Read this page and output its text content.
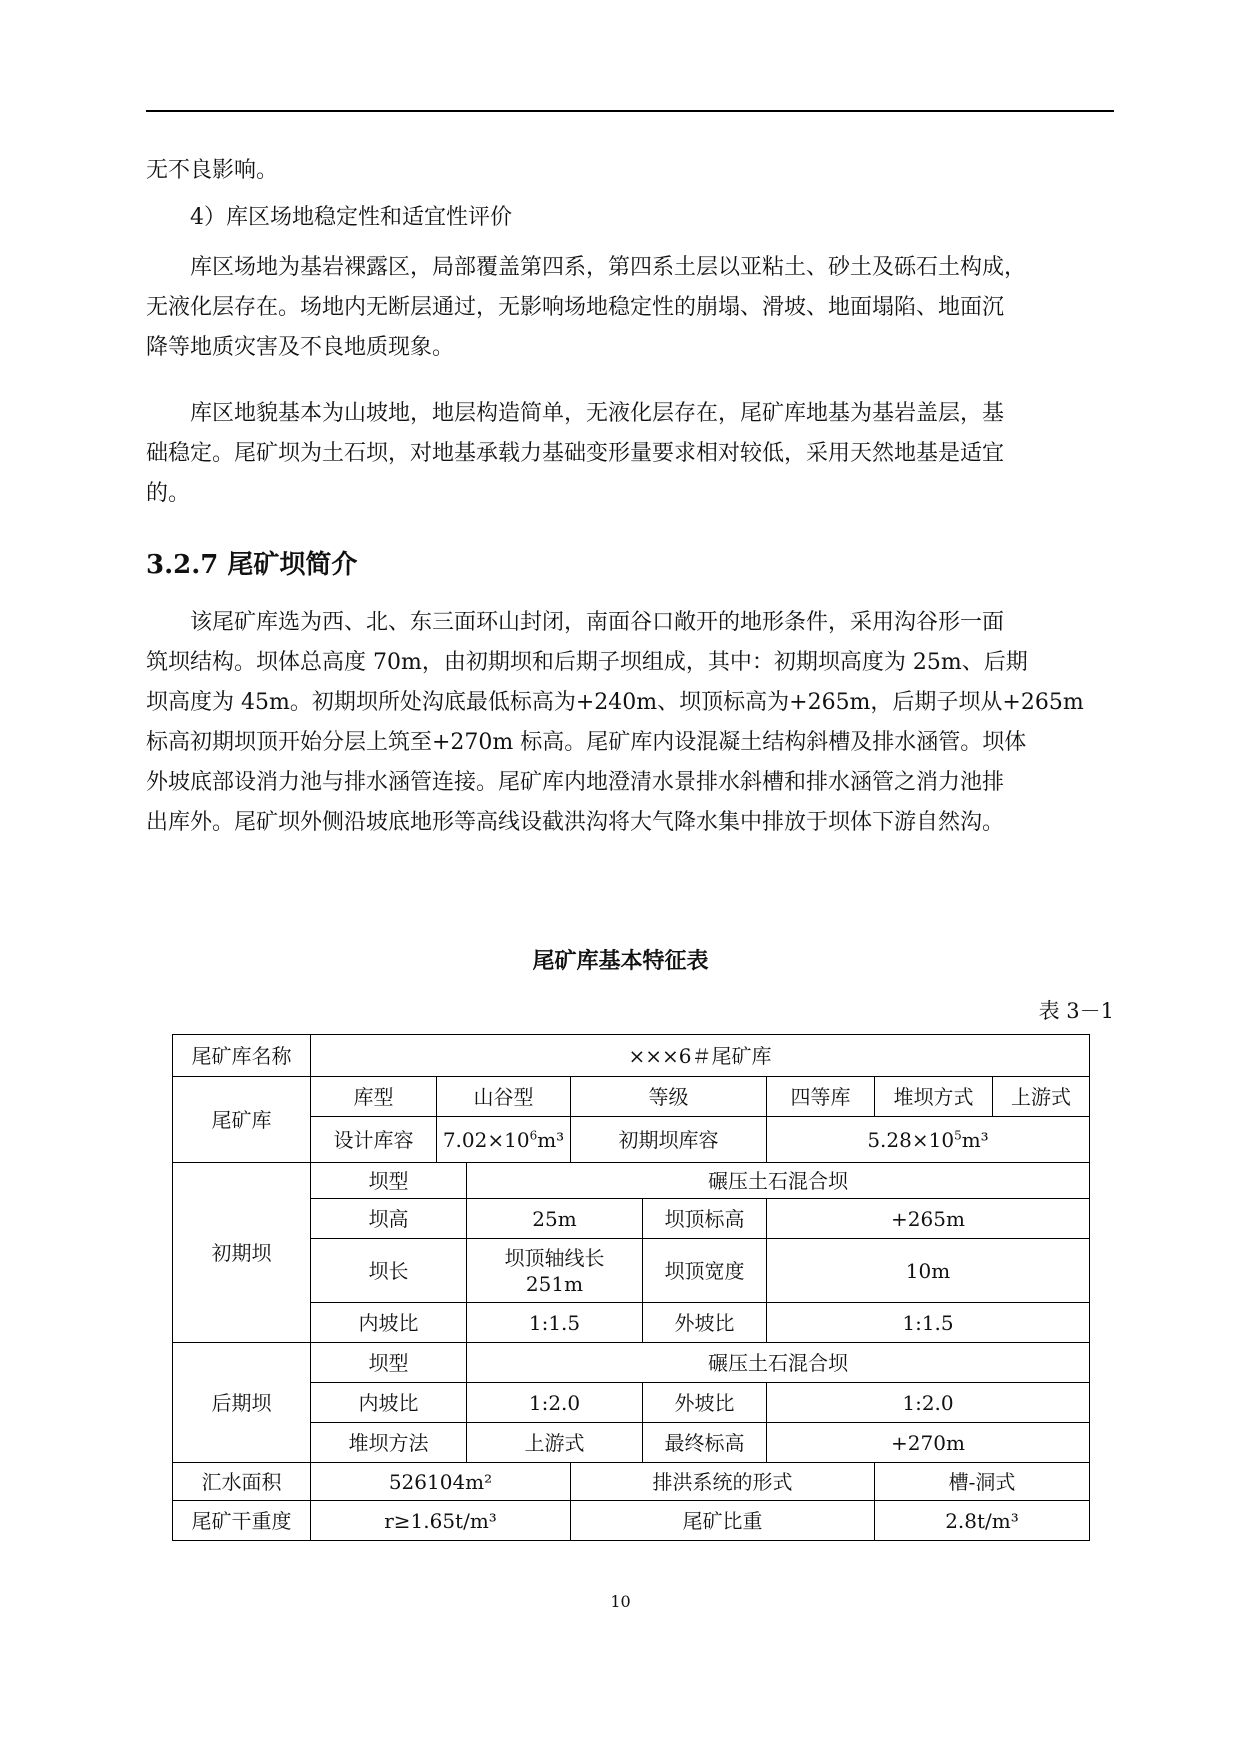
无不良影响。
4）库区场地稳定性和适宜性评价
库区场地为基岩裸露区，局部覆盖第四系，第四系土层以亚粘土、砂土及砾石土构成，
无液化层存在。场地内无断层通过，无影响场地稳定性的崩塌、滑坡、地面塌陷、地面沉
降等地质灾害及不良地质现象。
库区地貌基本为山坡地，地层构造简单，无液化层存在，尾矿库地基为基岩盖层，基
础稳定。尾矿坝为土石坝，对地基承载力基础变形量要求相对较低，采用天然地基是适宜
的。
3.2.7 尾矿坝简介
该尾矿库选为西、北、东三面环山封闭，南面谷口敞开的地形条件，采用沟谷形一面
筑坝结构。坝体总高度 70m，由初期坝和后期子坝组成，其中：初期坝高度为 25m、后期
坝高度为 45m。初期坝所处沟底最低标高为+240m、坝顶标高为+265m，后期子坝从+265m
标高初期坝顶开始分层上筑至+270m 标高。尾矿库内设混凝土结构斜槽及排水涵管。坝体
外坡底部设消力池与排水涵管连接。尾矿库内地澄清水景排水斜槽和排水涵管之消力池排
出库外。尾矿坝外侧沿坡底地形等高线设截洪沟将大气降水集中排放于坝体下游自然沟。
尾矿库基本特征表
表 3－1
尾矿库名称	×××6＃尾矿库							
尾矿库	库型	山谷型		等级		四等库	堆坝方式	上游式
	设计库容	$7.02\times 10^6m^3$		初期坝库容		$5.28\times 10^5m^3$		
初期坝	坝型		碾压土石混合坝					
	坝高		25m		坝顶标高	+265m		
	坝长		坝顶轴线长
251m		坝顶宽度	10m		
	内坡比		1:1.5		外坡比	1:1.5		
后期坝	坝型		碾压土石混合坝					
	内坡比		1:2.0		外坡比	1:2.0		
	堆坝方法		上游式		最终标高	+270m		
汇水面积	526104m²			排洪系统的形式			槽-洞式	
尾矿干重度	r≥1.65t/m³			尾矿比重			2.8t/m³	
10
